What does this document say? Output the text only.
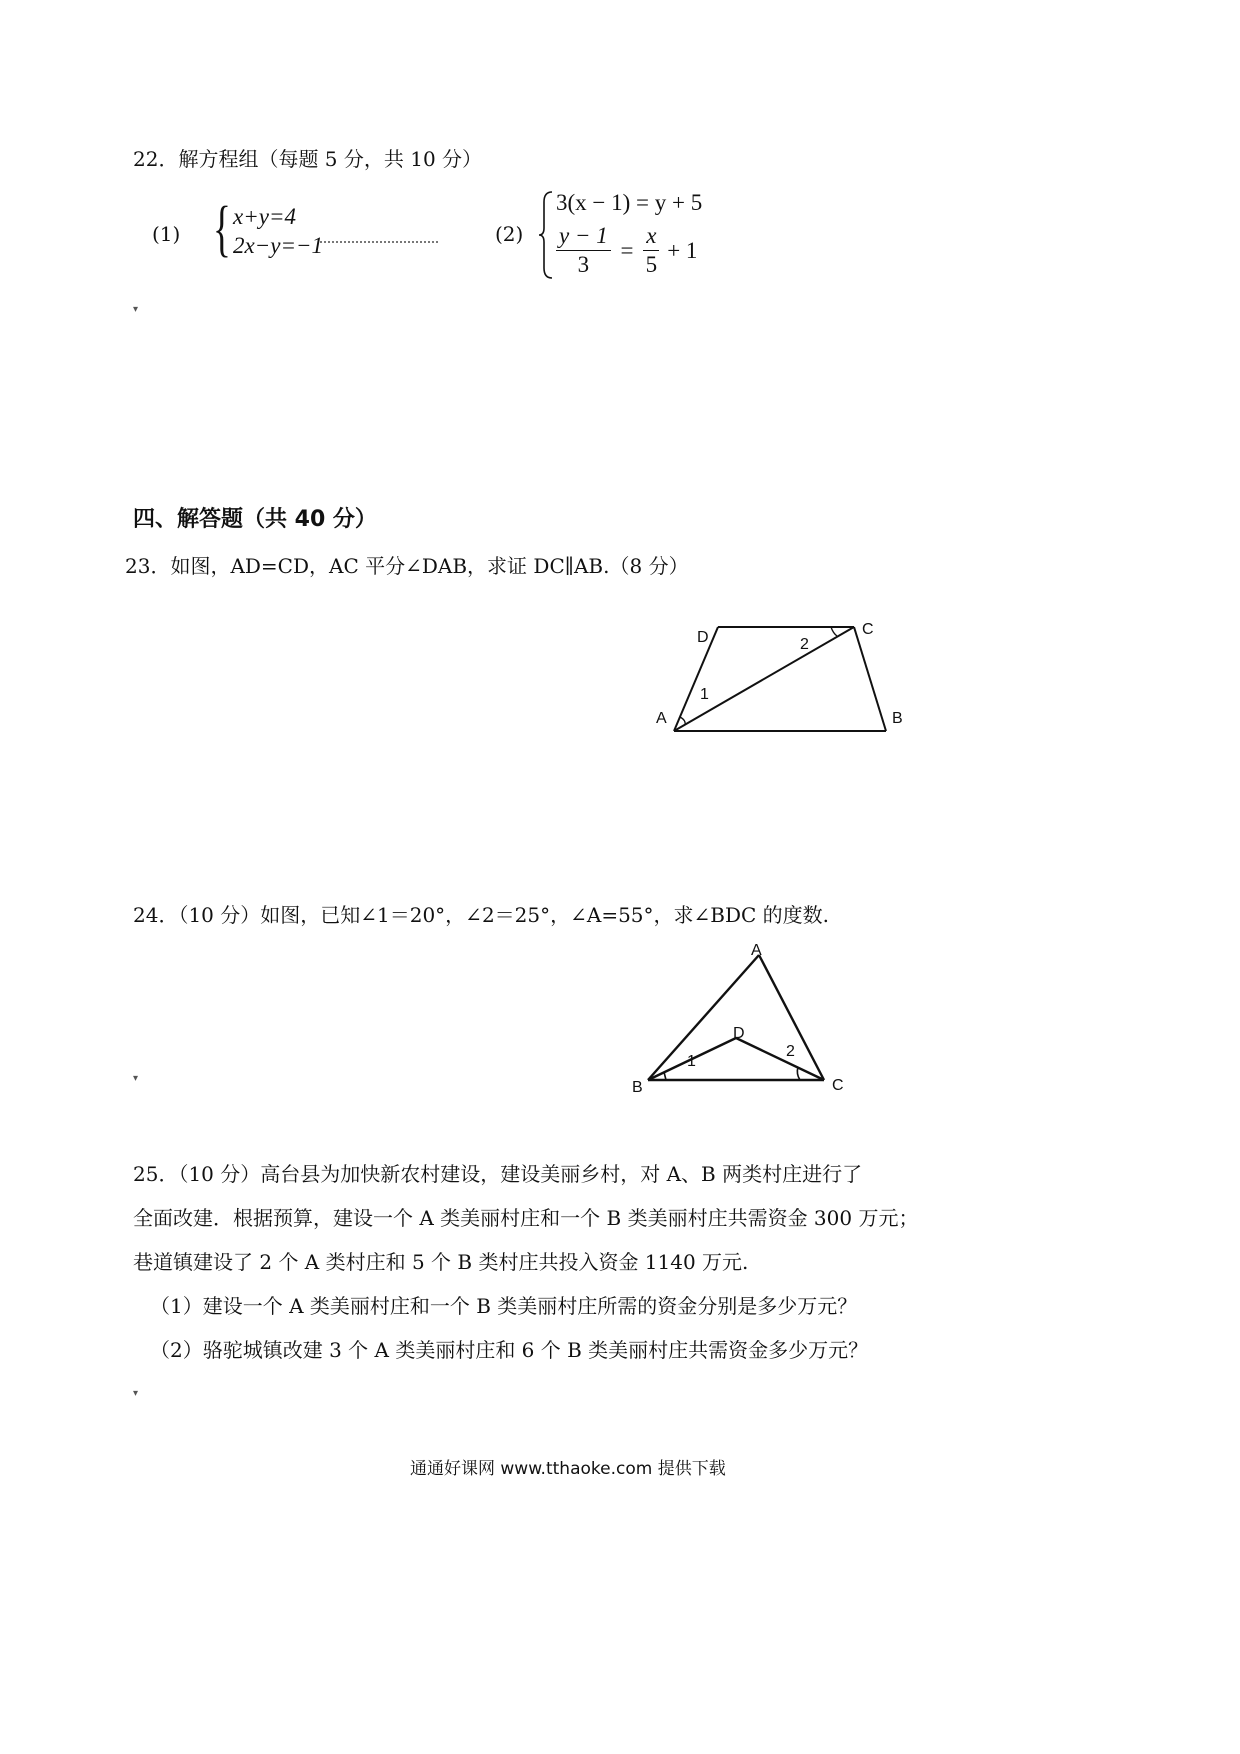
22．解方程组（每题 5 分，共 10 分）
(1) { x+y=4
2x−y=−1	(2)
3(x − 1) = y + 5
$\frac{y - 1}{3} = \frac{x}{5} + 1$
▾
四、解答题（共 40 分）
23．如图，AD=CD，AC 平分∠DAB，求证 DC∥AB.（8 分）
D	C
A	B
1
2
24．（10 分）如图，已知∠1＝20°，∠2＝25°，∠A=55°，求∠BDC 的度数.
A
D
B	C
1
2
▾
25．（10 分）高台县为加快新农村建设，建设美丽乡村，对 A、B 两类村庄进行了
全面改建．根据预算，建设一个 A 类美丽村庄和一个 B 类美丽村庄共需资金 300 万元；
巷道镇建设了 2 个 A 类村庄和 5 个 B 类村庄共投入资金 1140 万元.
（1）建设一个 A 类美丽村庄和一个 B 类美丽村庄所需的资金分别是多少万元？
（2）骆驼城镇改建 3 个 A 类美丽村庄和 6 个 B 类美丽村庄共需资金多少万元？
▾
通通好课网 www.tthaoke.com 提供下载
